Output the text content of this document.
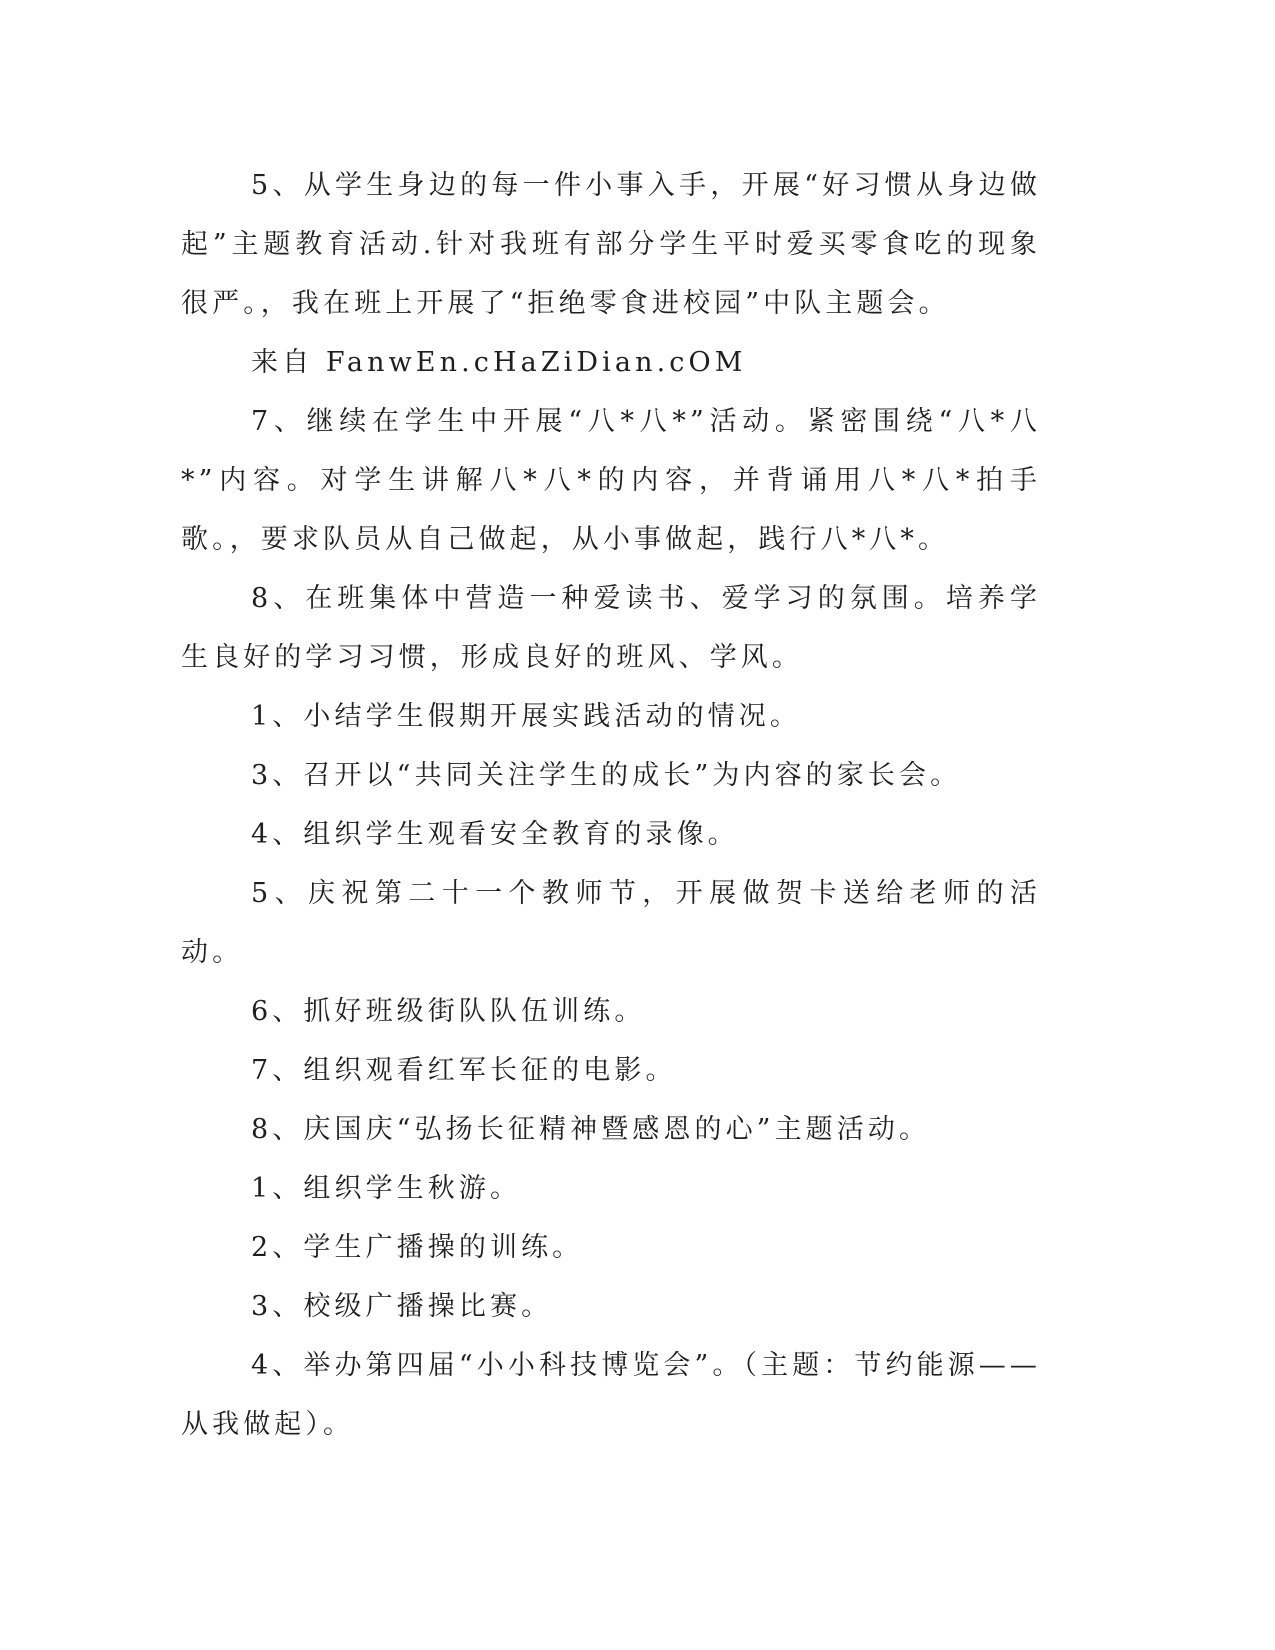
5、从学生身边的每一件小事入手，开展“好习惯从身边做起”主题教育活动.针对我班有部分学生平时爱买零食吃的现象很严。，我在班上开展了“拒绝零食进校园”中队主题会。

来自 FanwEn.cHaZiDian.cOM

7、继续在学生中开展“八*八*”活动。紧密围绕“八*八*”内容。对学生讲解八*八*的内容，并背诵用八*八*拍手歌。，要求队员从自己做起，从小事做起，践行八*八*。

8、在班集体中营造一种爱读书、爱学习的氛围。培养学生良好的学习习惯，形成良好的班风、学风。

1、小结学生假期开展实践活动的情况。

3、召开以“共同关注学生的成长”为内容的家长会。

4、组织学生观看安全教育的录像。

5、庆祝第二十一个教师节，开展做贺卡送给老师的活动。

6、抓好班级街队队伍训练。

7、组织观看红军长征的电影。

8、庆国庆“弘扬长征精神暨感恩的心”主题活动。

1、组织学生秋游。

2、学生广播操的训练。

3、校级广播操比赛。

4、举办第四届“小小科技博览会”。（主题：节约能源——从我做起）。
